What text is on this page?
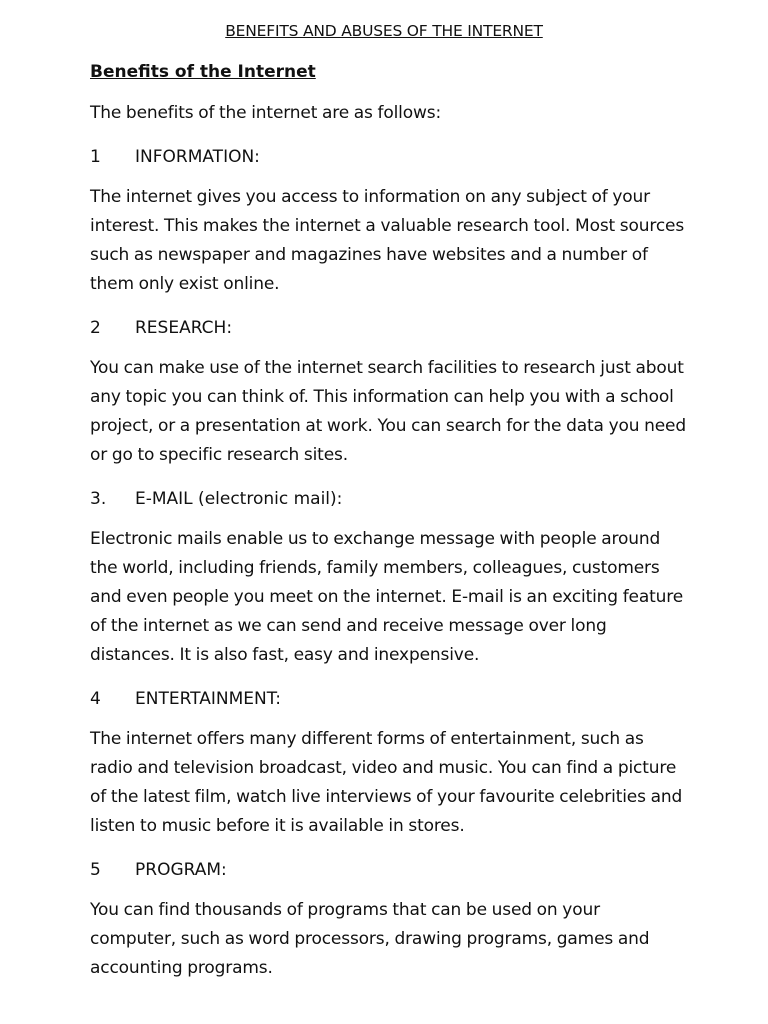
BENEFITS AND ABUSES OF THE INTERNET
Benefits of the Internet

The benefits of the internet are as follows:

1	INFORMATION:

The internet gives you access to information on any subject of your interest. This makes the internet a valuable research tool. Most sources such as newspaper and magazines have websites and a number of them only exist online.

2	RESEARCH:

You can make use of the internet search facilities to research just about any topic you can think of. This information can help you with a school project, or a presentation at work. You can search for the data you need or go to specific research sites.

3.	E-MAIL (electronic mail):

Electronic mails enable us to exchange message with people around the world, including friends, family members, colleagues, customers and even people you meet on the internet. E-mail is an exciting feature of the internet as we can send and receive message over long distances. It is also fast, easy and inexpensive.

4	ENTERTAINMENT:

The internet offers many different forms of entertainment, such as radio and television broadcast, video and music. You can find a picture of the latest film, watch live interviews of your favourite celebrities and listen to music before it is available in stores.

5	PROGRAM:

You can find thousands of programs that can be used on your computer, such as word processors, drawing programs, games and accounting programs.
